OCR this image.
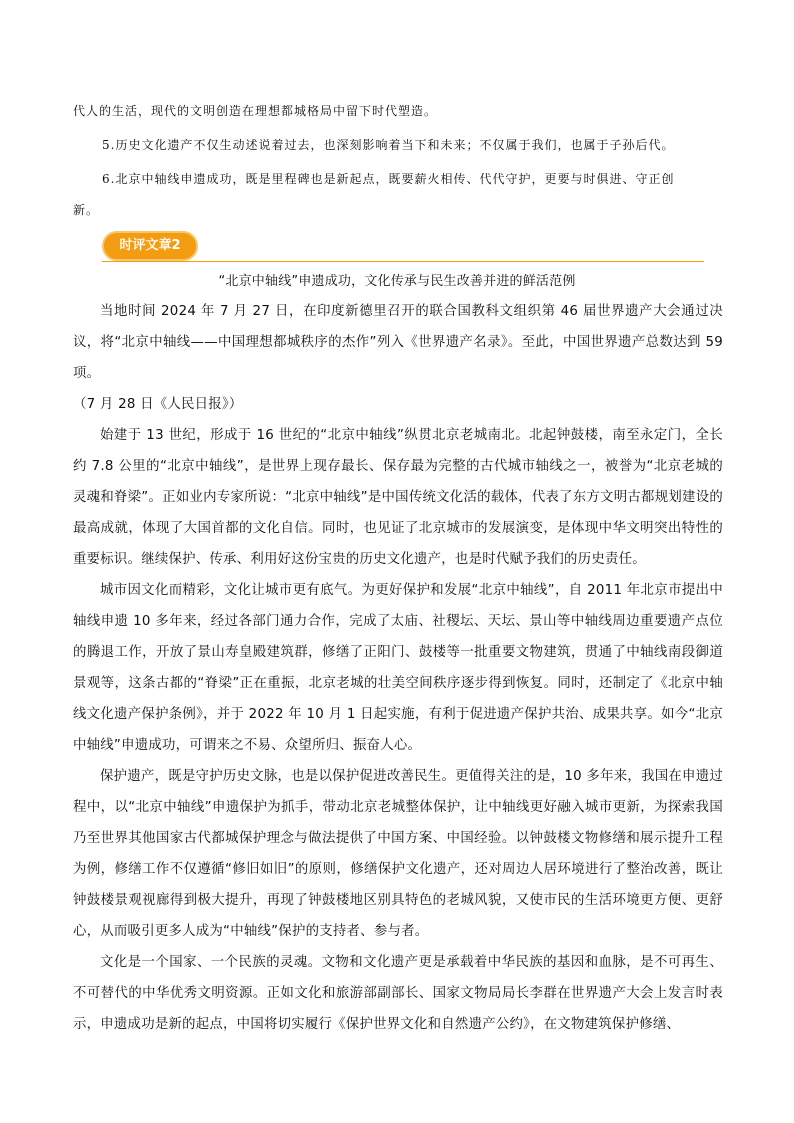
代人的生活，现代的文明创造在理想都城格局中留下时代塑造。

5.历史文化遗产不仅生动述说着过去，也深刻影响着当下和未来；不仅属于我们，也属于子孙后代。

6.北京中轴线申遗成功，既是里程碑也是新起点，既要薪火相传、代代守护，更要与时俱进、守正创

新。

时评文章2
“北京中轴线”申遗成功，文化传承与民生改善并进的鲜活范例

当地时间 2024 年 7 月 27 日，在印度新德里召开的联合国教科文组织第 46 届世界遗产大会通过决议，将“北京中轴线——中国理想都城秩序的杰作”列入《世界遗产名录》。至此，中国世界遗产总数达到 59 项。

（7 月 28 日《人民日报》）

始建于 13 世纪，形成于 16 世纪的“北京中轴线”纵贯北京老城南北。北起钟鼓楼，南至永定门，全长约 7.8 公里的“北京中轴线”，是世界上现存最长、保存最为完整的古代城市轴线之一，被誉为“北京老城的灵魂和脊梁”。正如业内专家所说：“北京中轴线”是中国传统文化活的载体，代表了东方文明古都规划建设的最高成就，体现了大国首都的文化自信。同时，也见证了北京城市的发展演变，是体现中华文明突出特性的重要标识。继续保护、传承、利用好这份宝贵的历史文化遗产，也是时代赋予我们的历史责任。

城市因文化而精彩，文化让城市更有底气。为更好保护和发展“北京中轴线”，自 2011 年北京市提出中轴线申遗 10 多年来，经过各部门通力合作，完成了太庙、社稷坛、天坛、景山等中轴线周边重要遗产点位的腾退工作，开放了景山寿皇殿建筑群，修缮了正阳门、鼓楼等一批重要文物建筑，贯通了中轴线南段御道景观等，这条古都的“脊梁”正在重振，北京老城的壮美空间秩序逐步得到恢复。同时，还制定了《北京中轴线文化遗产保护条例》，并于 2022 年 10 月 1 日起实施，有利于促进遗产保护共治、成果共享。如今“北京中轴线”申遗成功，可谓来之不易、众望所归、振奋人心。

保护遗产，既是守护历史文脉，也是以保护促进改善民生。更值得关注的是，10 多年来，我国在申遗过程中，以“北京中轴线”申遗保护为抓手，带动北京老城整体保护，让中轴线更好融入城市更新，为探索我国乃至世界其他国家古代都城保护理念与做法提供了中国方案、中国经验。以钟鼓楼文物修缮和展示提升工程为例，修缮工作不仅遵循“修旧如旧”的原则，修缮保护文化遗产，还对周边人居环境进行了整治改善，既让钟鼓楼景观视廊得到极大提升，再现了钟鼓楼地区别具特色的老城风貌，又使市民的生活环境更方便、更舒心，从而吸引更多人成为“中轴线”保护的支持者、参与者。

文化是一个国家、一个民族的灵魂。文物和文化遗产更是承载着中华民族的基因和血脉，是不可再生、不可替代的中华优秀文明资源。正如文化和旅游部副部长、国家文物局局长李群在世界遗产大会上发言时表示，申遗成功是新的起点，中国将切实履行《保护世界文化和自然遗产公约》，在文物建筑保护修缮、
